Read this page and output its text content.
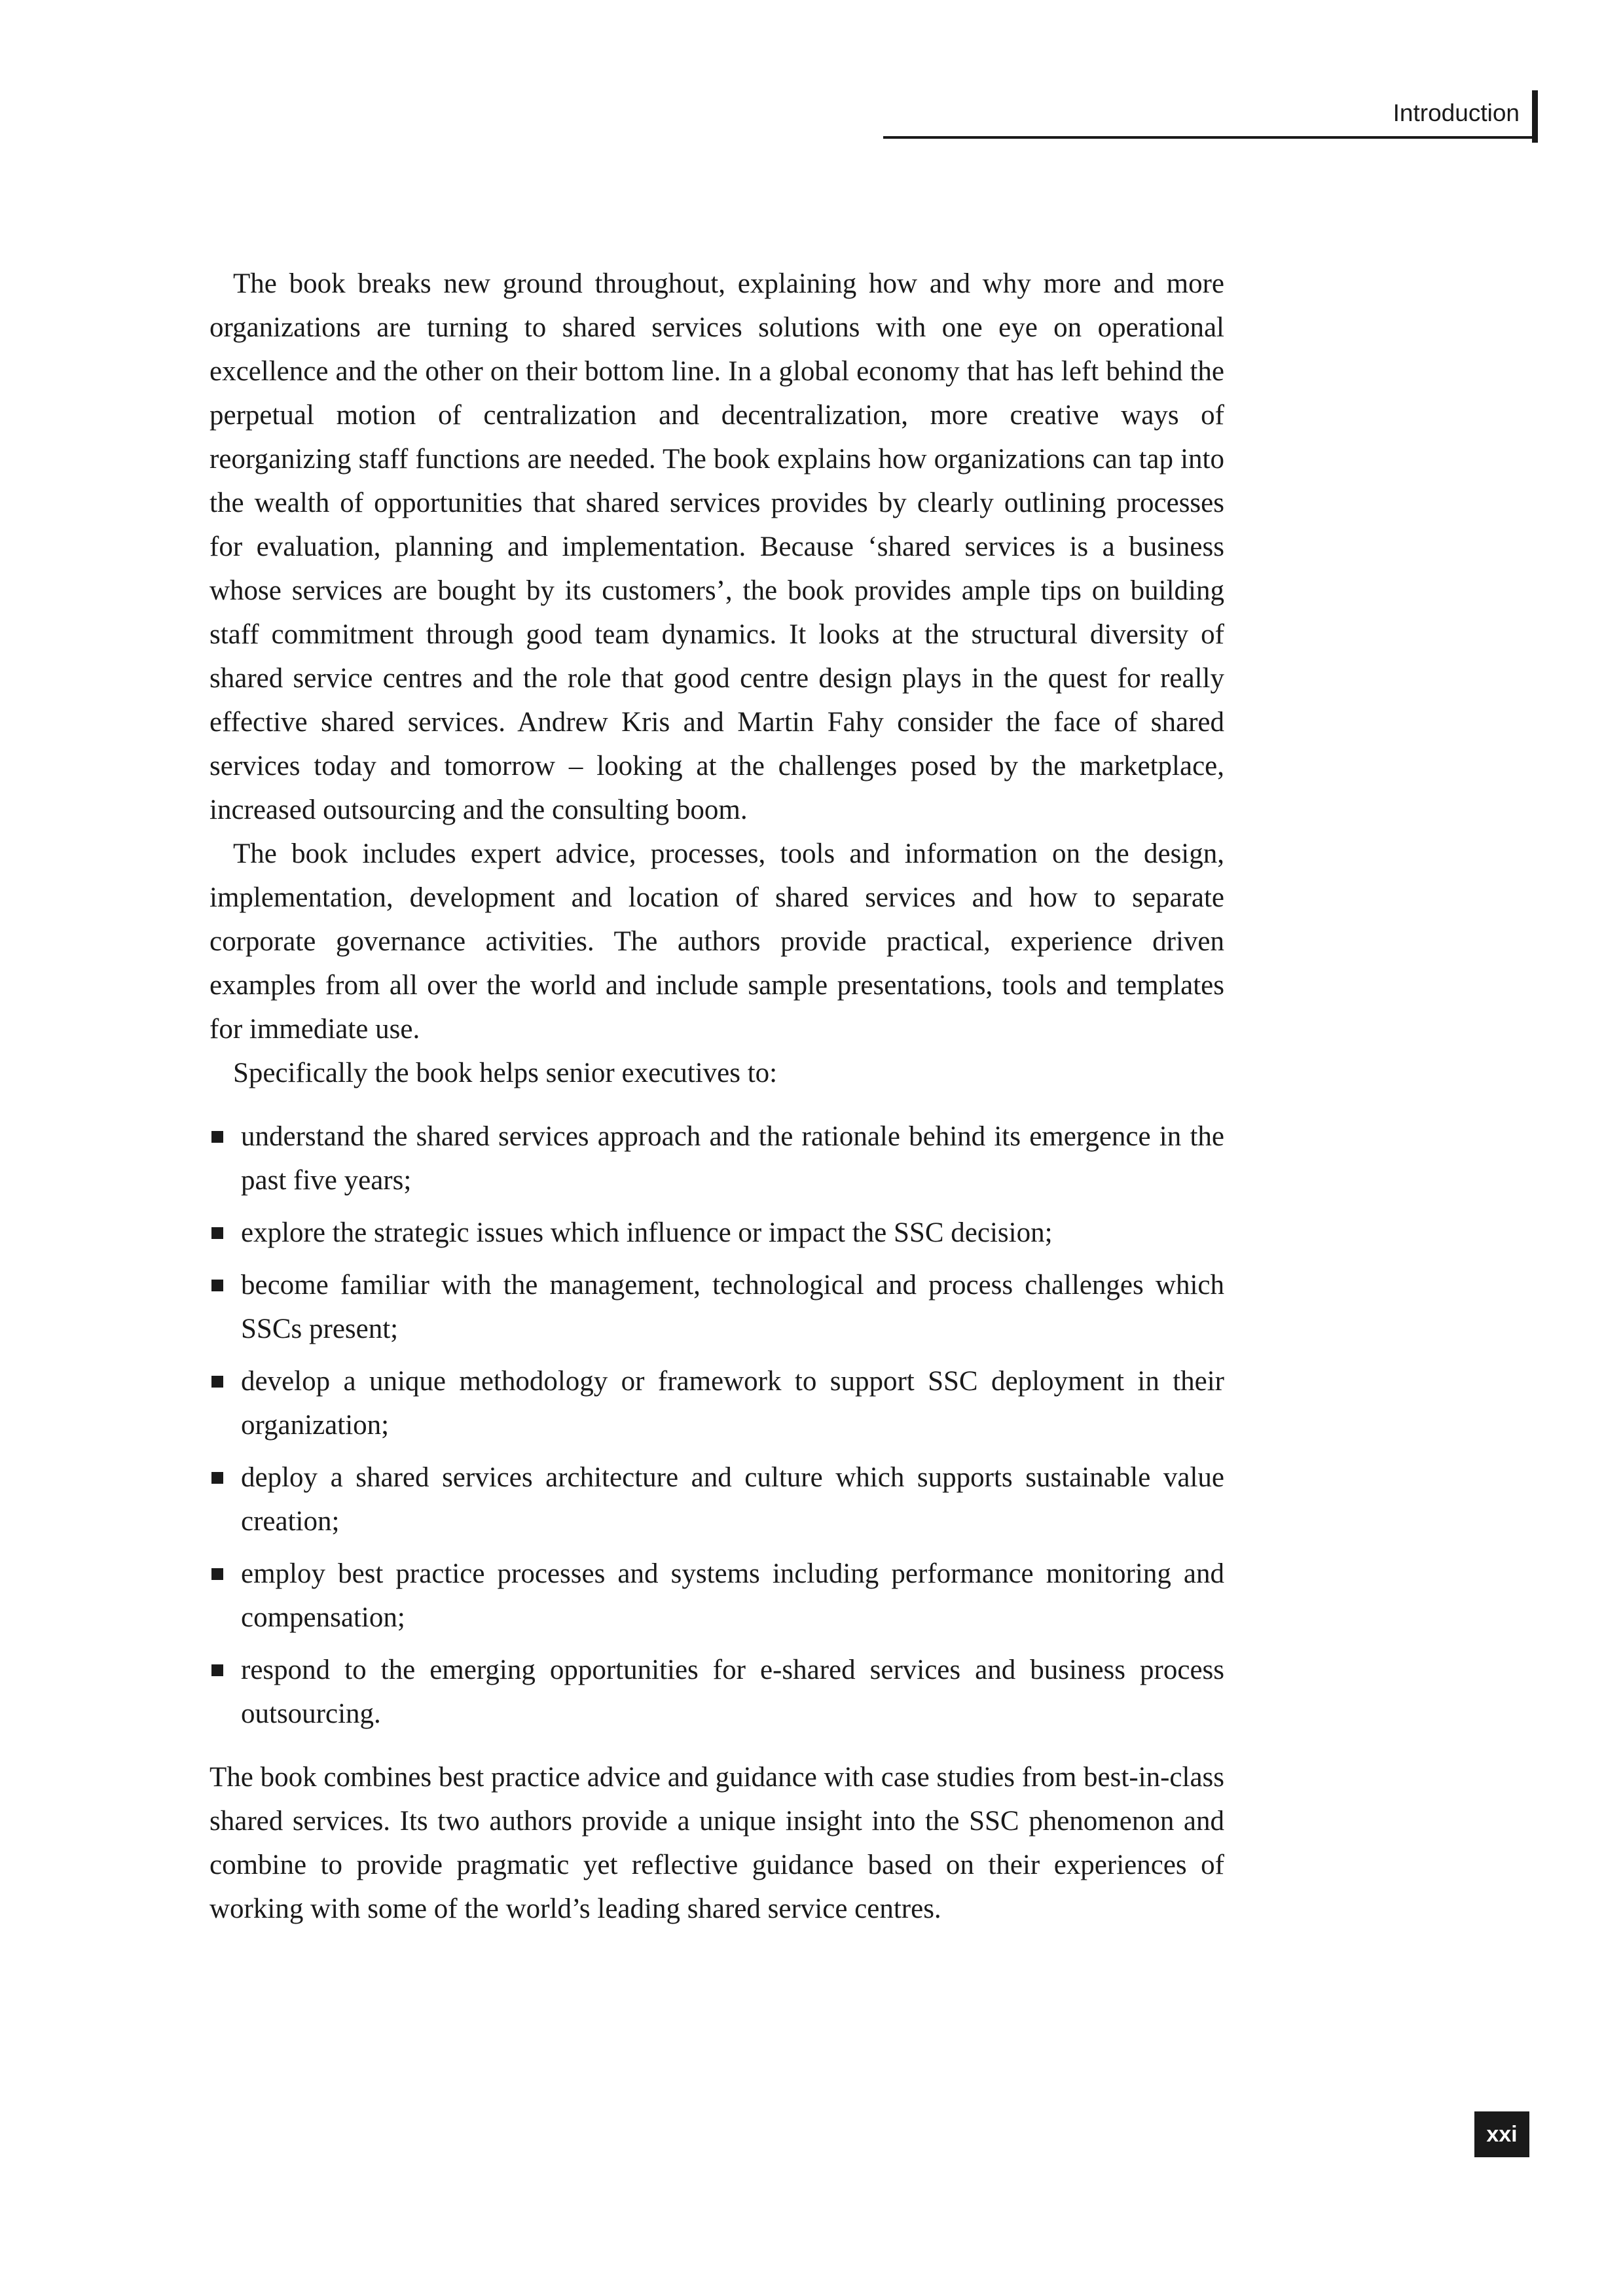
Introduction

The book breaks new ground throughout, explaining how and why more and more organizations are turning to shared services solutions with one eye on operational excellence and the other on their bottom line. In a global economy that has left behind the perpetual motion of centralization and decentralization, more creative ways of reorganizing staff functions are needed. The book explains how organizations can tap into the wealth of opportunities that shared services provides by clearly outlining processes for evaluation, planning and implementation. Because ‘shared services is a business whose services are bought by its customers’, the book provides ample tips on building staff commitment through good team dynamics. It looks at the structural diversity of shared service centres and the role that good centre design plays in the quest for really effective shared services. Andrew Kris and Martin Fahy consider the face of shared services today and tomorrow – looking at the challenges posed by the marketplace, increased outsourcing and the consulting boom.

The book includes expert advice, processes, tools and information on the design, implementation, development and location of shared services and how to separate corporate governance activities. The authors provide practical, experience driven examples from all over the world and include sample presentations, tools and templates for immediate use.

Specifically the book helps senior executives to:

understand the shared services approach and the rationale behind its emergence in the past five years;
explore the strategic issues which influence or impact the SSC decision;
become familiar with the management, technological and process challenges which SSCs present;
develop a unique methodology or framework to support SSC deployment in their organization;
deploy a shared services architecture and culture which supports sustainable value creation;
employ best practice processes and systems including performance monitoring and compensation;
respond to the emerging opportunities for e-shared services and business process outsourcing.

The book combines best practice advice and guidance with case studies from best-in-class shared services. Its two authors provide a unique insight into the SSC phenomenon and combine to provide pragmatic yet reflective guidance based on their experiences of working with some of the world’s leading shared service centres.

xxi
